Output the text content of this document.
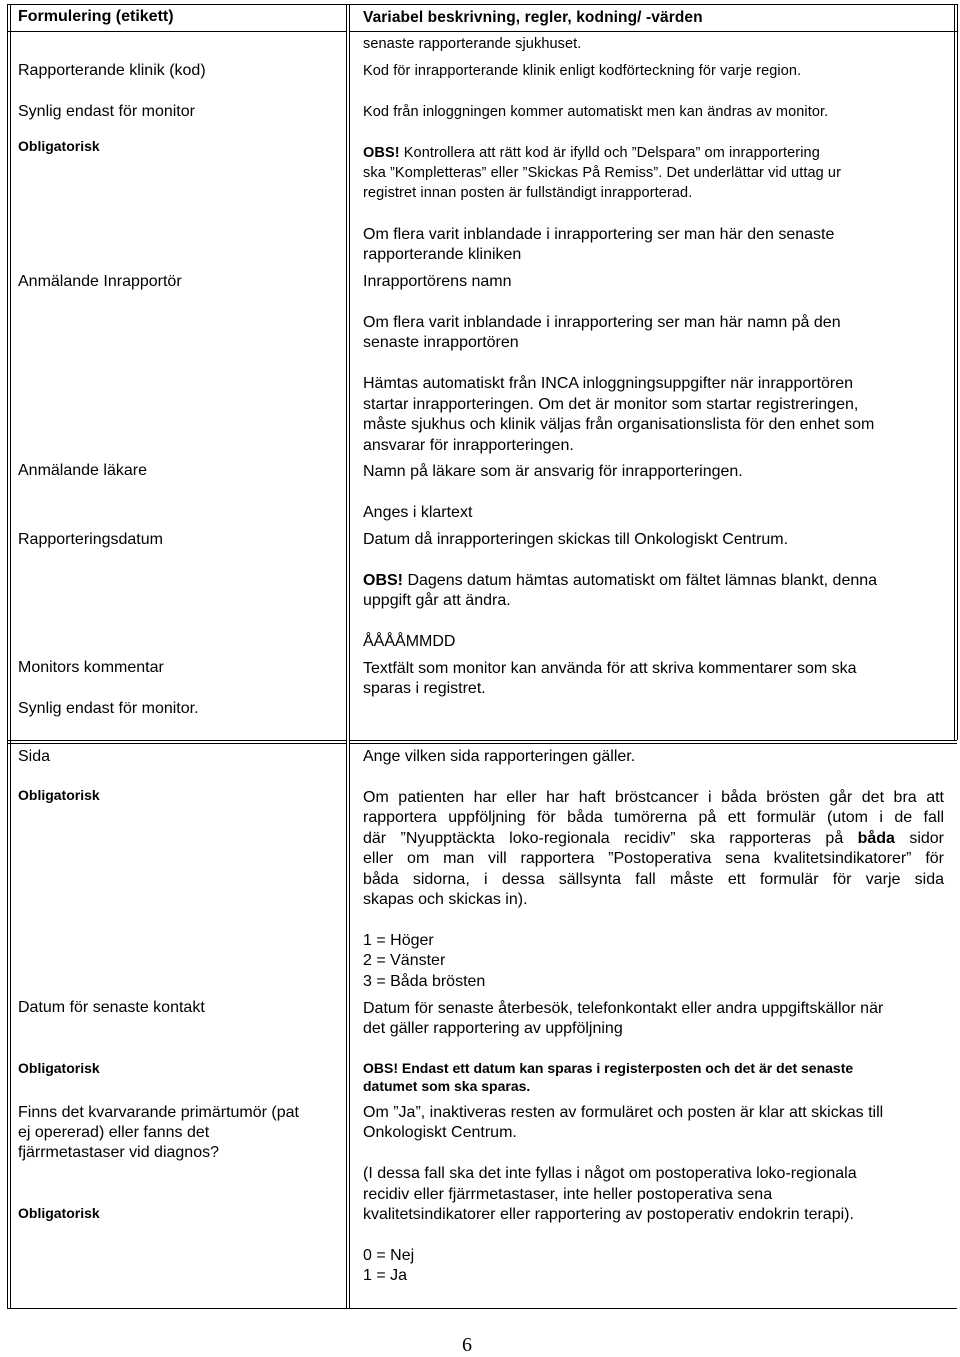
Formulering (etikett)	Variabel beskrivning, regler, kodning/ -värden
Rapporterande klinik (kod)
Synlig endast för monitor
Obligatorisk
Anmälande Inrapportör
Anmälande läkare
Rapporteringsdatum
Monitors kommentar
Synlig endast för monitor.
Sida
Obligatorisk
Datum för senaste kontakt
Obligatorisk
Finns det kvarvarande primärtumör (pat
ej opererad) eller fanns det
fjärrmetastaser vid diagnos?
Obligatorisk
senaste rapporterande sjukhuset.
Kod för inrapporterande klinik enligt kodförteckning för varje region.
Kod från inloggningen kommer automatiskt men kan ändras av monitor.
OBS! Kontrollera att rätt kod är ifylld och ”Delspara” om inrapportering
ska ”Kompletteras” eller ”Skickas På Remiss”. Det underlättar vid uttag ur
registret innan posten är fullständigt inrapporterad.
Om flera varit inblandade i inrapportering ser man här den senaste
rapporterande kliniken
Inrapportörens namn
Om flera varit inblandade i inrapportering ser man här namn på den
senaste inrapportören
Hämtas automatiskt från INCA inloggningsuppgifter när inrapportören
startar inrapporteringen. Om det är monitor som startar registreringen,
måste sjukhus och klinik väljas från organisationslista för den enhet som
ansvarar för inrapporteringen.
Namn på läkare som är ansvarig för inrapporteringen.
Anges i klartext
Datum då inrapporteringen skickas till Onkologiskt Centrum.
OBS! Dagens datum hämtas automatiskt om fältet lämnas blankt, denna
uppgift går att ändra.
ÅÅÅÅMMDD
Textfält som monitor kan använda för att skriva kommentarer som ska
sparas i registret.
Ange vilken sida rapporteringen gäller.
Om patienten har eller har haft bröstcancer i båda brösten går det bra att
rapportera uppföljning för båda tumörerna på ett formulär (utom i de fall
där ”Nyupptäckta loko-regionala recidiv” ska rapporteras på båda sidor
eller om man vill rapportera ”Postoperativa sena kvalitetsindikatorer” för
båda sidorna, i dessa sällsynta fall måste ett formulär för varje sida
skapas och skickas in).
1 = Höger
2 = Vänster
3 = Båda brösten
Datum för senaste återbesök, telefonkontakt eller andra uppgiftskällor när
det gäller rapportering av uppföljning
OBS! Endast ett datum kan sparas i registerposten och det är det senaste
datumet som ska sparas.
Om ”Ja”, inaktiveras resten av formuläret och posten är klar att skickas till
Onkologiskt Centrum.
(I dessa fall ska det inte fyllas i något om postoperativa loko-regionala
recidiv eller fjärrmetastaser, inte heller postoperativa sena
kvalitetsindikatorer eller rapportering av postoperativ endokrin terapi).
0 = Nej
1 = Ja
6
